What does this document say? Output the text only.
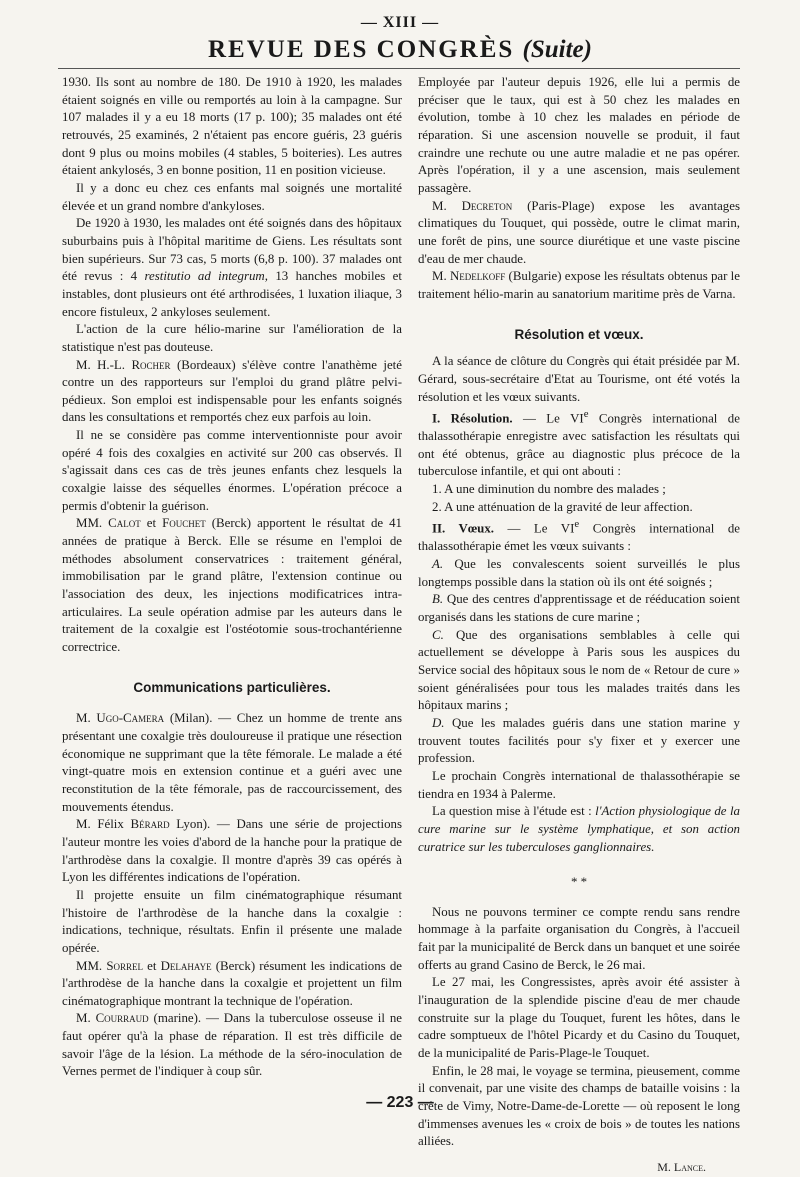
— XIII —
REVUE DES CONGRÈS (Suite)

1930. Ils sont au nombre de 180. De 1910 à 1920, les malades étaient soignés en ville ou remportés au loin à la campagne. Sur 107 malades il y a eu 18 morts (17 p. 100); 35 malades ont été retrouvés, 25 examinés, 2 n'étaient pas encore guéris, 23 guéris dont 9 plus ou moins mobiles (4 stables, 5 boiteries). Les autres étaient ankylosés, 3 en bonne position, 11 en position vicieuse.

Il y a donc eu chez ces enfants mal soignés une mortalité élevée et un grand nombre d'ankyloses.

De 1920 à 1930, les malades ont été soignés dans des hôpitaux suburbains puis à l'hôpital maritime de Giens. Les résultats sont bien supérieurs. Sur 73 cas, 5 morts (6,8 p. 100). 37 malades ont été revus : 4 restitutio ad integrum, 13 hanches mobiles et instables, dont plusieurs ont été arthrodisées, 1 luxation iliaque, 3 encore fistuleux, 2 ankyloses seulement.

L'action de la cure hélio-marine sur l'amélioration de la statistique n'est pas douteuse.

M. H.-L. Rocher (Bordeaux) s'élève contre l'anathème jeté contre un des rapporteurs sur l'emploi du grand plâtre pelvi-pédieux. Son emploi est indispensable pour les enfants soignés dans les consultations et remportés chez eux parfois au loin.

Il ne se considère pas comme interventionniste pour avoir opéré 4 fois des coxalgies en activité sur 200 cas observés. Il s'agissait dans ces cas de très jeunes enfants chez lesquels la coxalgie laisse des séquelles énormes. L'opération précoce a permis d'obtenir la guérison.

MM. Calot et Fouchet (Berck) apportent le résultat de 41 années de pratique à Berck. Elle se résume en l'emploi de méthodes absolument conservatrices : traitement général, immobilisation par le grand plâtre, l'extension continue ou l'association des deux, les injections modificatrices intra-articulaires. La seule opération admise par les auteurs dans le traitement de la coxalgie est l'ostéotomie sous-trochantérienne correctrice.

Communications particulières.

M. Ugo-Camera (Milan). — Chez un homme de trente ans présentant une coxalgie très douloureuse il pratique une résection économique ne supprimant que la tête fémorale. Le malade a été vingt-quatre mois en extension continue et a guéri avec une reconstitution de la tête fémorale, pas de raccourcissement, des mouvements étendus.

M. Félix Bérard Lyon). — Dans une série de projections l'auteur montre les voies d'abord de la hanche pour la pratique de l'arthrodèse dans la coxalgie. Il montre d'après 39 cas opérés à Lyon les différentes indications de l'opération.

Il projette ensuite un film cinématographique résumant l'histoire de l'arthrodèse de la hanche dans la coxalgie : indications, technique, résultats. Enfin il présente une malade opérée.

MM. Sorrel et Delahaye (Berck) résument les indications de l'arthrodèse de la hanche dans la coxalgie et projettent un film cinématographique montrant la technique de l'opération.

M. Courraud (marine). — Dans la tuberculose osseuse il ne faut opérer qu'à la phase de réparation. Il est très difficile de savoir l'âge de la lésion. La méthode de la séro-inoculation de Vernes permet de l'indiquer à coup sûr.

Employée par l'auteur depuis 1926, elle lui a permis de préciser que le taux, qui est à 50 chez les malades en évolution, tombe à 10 chez les malades en période de réparation. Si une ascension nouvelle se produit, il faut craindre une rechute ou une autre maladie et ne pas opérer. Après l'opération, il y a une ascension, mais seulement passagère.

M. Decreton (Paris-Plage) expose les avantages climatiques du Touquet, qui possède, outre le climat marin, une forêt de pins, une source diurétique et une vaste piscine d'eau de mer chaude.

M. Nedelkoff (Bulgarie) expose les résultats obtenus par le traitement hélio-marin au sanatorium maritime près de Varna.

Résolution et vœux.

A la séance de clôture du Congrès qui était présidée par M. Gérard, sous-secrétaire d'Etat au Tourisme, ont été votés la résolution et les vœux suivants.

I. Résolution. — Le VIe Congrès international de thalassothérapie enregistre avec satisfaction les résultats qui ont été obtenus, grâce au diagnostic plus précoce de la tuberculose infantile, et qui ont abouti :

1. A une diminution du nombre des malades ;

2. A une atténuation de la gravité de leur affection.

II. Vœux. — Le VIe Congrès international de thalassothérapie émet les vœux suivants :

A. Que les convalescents soient surveillés le plus longtemps possible dans la station où ils ont été soignés ;

B. Que des centres d'apprentissage et de rééducation soient organisés dans les stations de cure marine ;

C. Que des organisations semblables à celle qui actuellement se développe à Paris sous les auspices du Service social des hôpitaux sous le nom de « Retour de cure » soient généralisées pour tous les malades traités dans les hôpitaux marins ;

D. Que les malades guéris dans une station marine y trouvent toutes facilités pour s'y fixer et y exercer une profession.

Le prochain Congrès international de thalassothérapie se tiendra en 1934 à Palerme.

La question mise à l'étude est : l'Action physiologique de la cure marine sur le système lymphatique, et son action curatrice sur les tuberculoses ganglionnaires.

* *

Nous ne pouvons terminer ce compte rendu sans rendre hommage à la parfaite organisation du Congrès, à l'accueil fait par la municipalité de Berck dans un banquet et une soirée offerts au grand Casino de Berck, le 26 mai.

Le 27 mai, les Congressistes, après avoir été assister à l'inauguration de la splendide piscine d'eau de mer chaude construite sur la plage du Touquet, furent les hôtes, dans le cadre somptueux de l'hôtel Picardy et du Casino du Touquet, de la municipalité de Paris-Plage-le Touquet.

Enfin, le 28 mai, le voyage se termina, pieusement, comme il convenait, par une visite des champs de bataille voisins : la crête de Vimy, Notre-Dame-de-Lorette — où reposent le long d'immenses avenues les « croix de bois » de toutes les nations alliées.

M. Lance.

— 223 —
